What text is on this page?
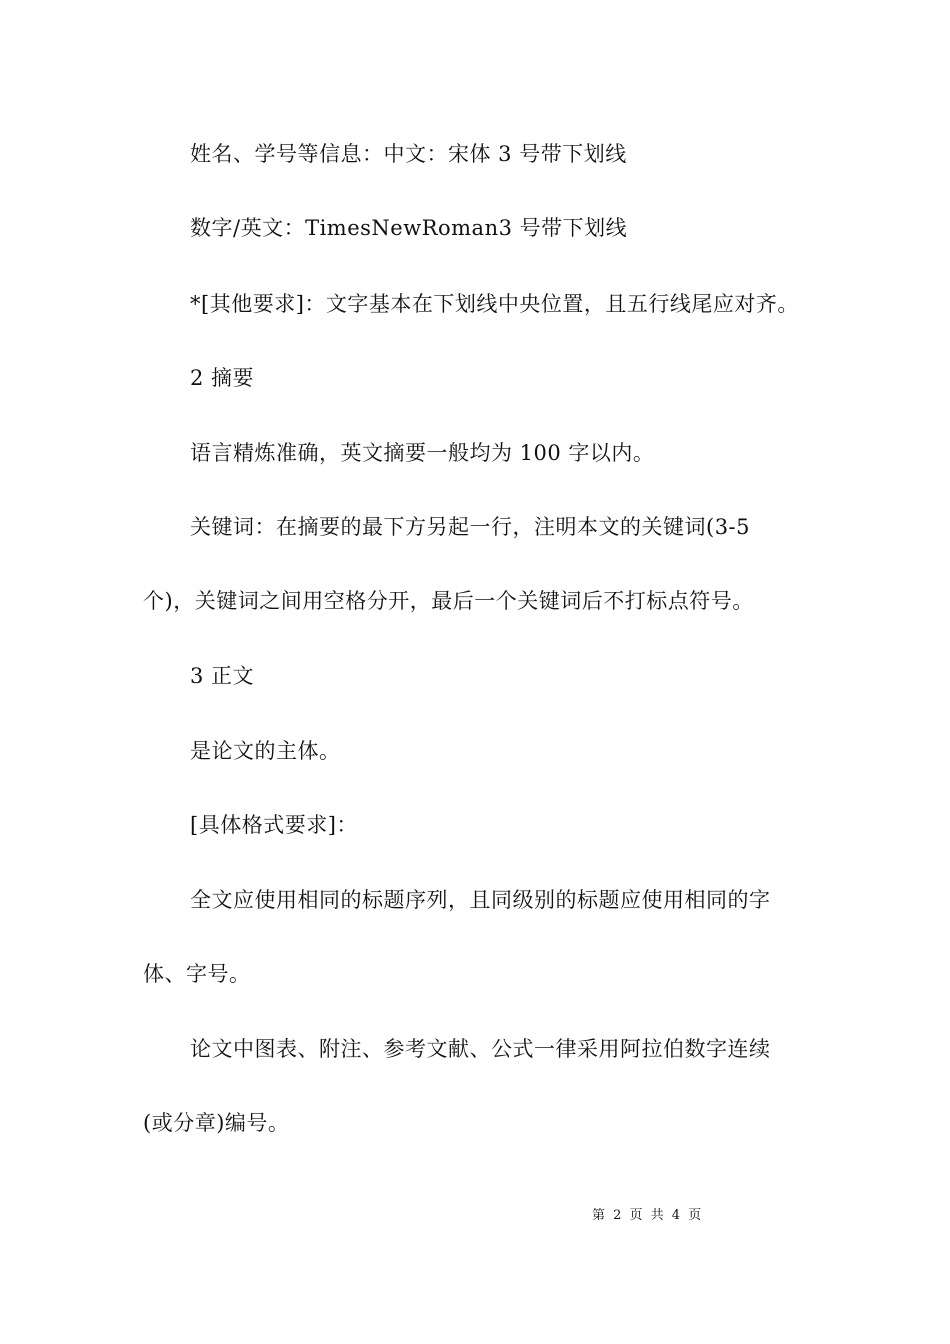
姓名、学号等信息：中文：宋体 3 号带下划线
数字/英文：TimesNewRoman3 号带下划线
*[其他要求]：文字基本在下划线中央位置，且五行线尾应对齐。
2 摘要
语言精炼准确，英文摘要一般均为 100 字以内。
关键词：在摘要的最下方另起一行，注明本文的关键词(3-5
个)，关键词之间用空格分开，最后一个关键词后不打标点符号。
3 正文
是论文的主体。
[具体格式要求]：
全文应使用相同的标题序列，且同级别的标题应使用相同的字
体、字号。
论文中图表、附注、参考文献、公式一律采用阿拉伯数字连续
(或分章)编号。
第 2 页 共 4 页
